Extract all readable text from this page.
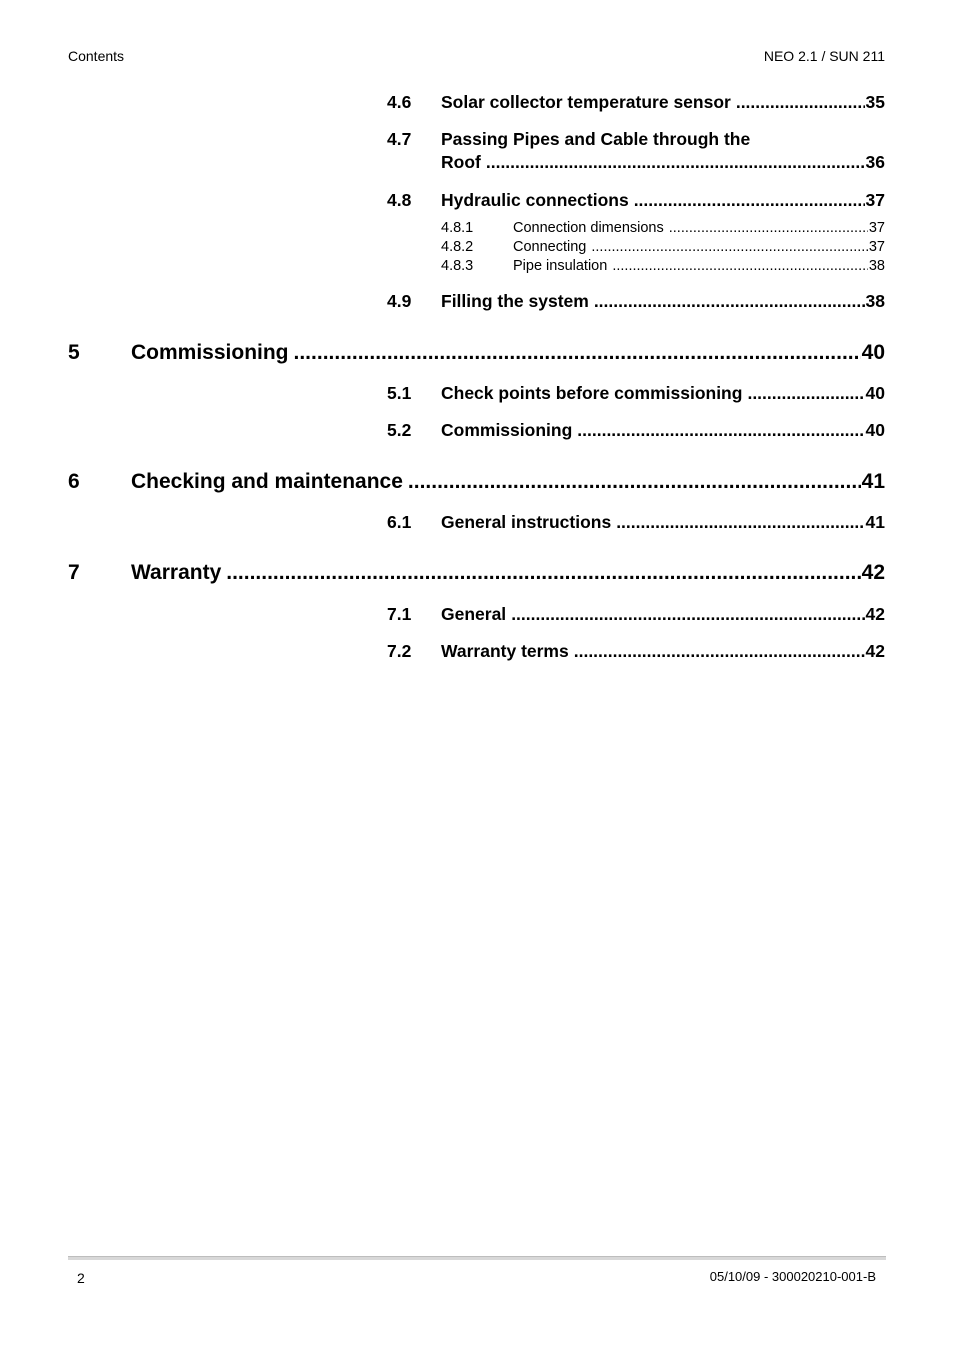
Contents	NEO 2.1 / SUN 211
4.6 Solar collector temperature sensor .....	35
4.7 Passing Pipes and Cable through the
Roof .....	36
4.8 Hydraulic connections .....	37
4.8.1	Connection dimensions .....	37
4.8.2	Connecting .....	37
4.8.3	Pipe insulation .....	38
4.9 Filling the system .....	38
5 Commissioning .....	40
5.1 Check points before commissioning .....	40
5.2 Commissioning .....	40
6 Checking and maintenance .....	41
6.1 General instructions .....	41
7 Warranty .....	42
7.1 General .....	42
7.2 Warranty terms .....	42
2	05/10/09 - 300020210-001-B
